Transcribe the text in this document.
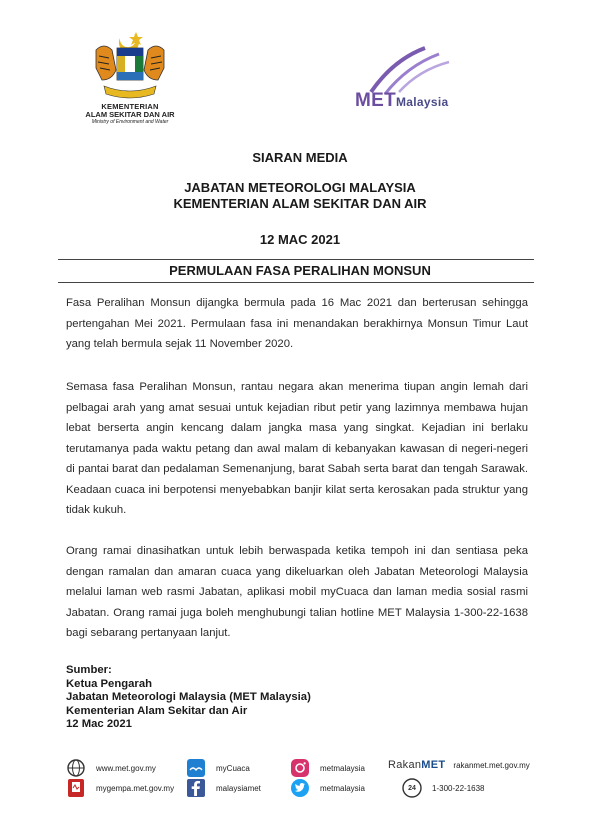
KEMENTERIAN
ALAM SEKITAR DAN AIR
Ministry of Environment and Water
METMalaysia
SIARAN MEDIA
JABATAN METEOROLOGI MALAYSIA
KEMENTERIAN ALAM SEKITAR DAN AIR
12 MAC 2021
PERMULAAN FASA PERALIHAN MONSUN
Fasa Peralihan Monsun dijangka bermula pada 16 Mac 2021 dan berterusan sehingga pertengahan Mei 2021. Permulaan fasa ini menandakan berakhirnya Monsun Timur Laut yang telah bermula sejak 11 November 2020.
Semasa fasa Peralihan Monsun, rantau negara akan menerima tiupan angin lemah dari pelbagai arah yang amat sesuai untuk kejadian ribut petir yang lazimnya membawa hujan lebat berserta angin kencang dalam jangka masa yang singkat. Kejadian ini berlaku terutamanya pada waktu petang dan awal malam di kebanyakan kawasan di negeri-negeri di pantai barat dan pedalaman Semenanjung, barat Sabah serta barat dan tengah Sarawak. Keadaan cuaca ini berpotensi menyebabkan banjir kilat serta kerosakan pada struktur yang tidak kukuh.
Orang ramai dinasihatkan untuk lebih berwaspada ketika tempoh ini dan sentiasa peka dengan ramalan dan amaran cuaca yang dikeluarkan oleh Jabatan Meteorologi Malaysia melalui laman web rasmi Jabatan, aplikasi mobil myCuaca dan laman media sosial rasmi Jabatan. Orang ramai juga boleh menghubungi talian hotline MET Malaysia 1-300-22-1638 bagi sebarang pertanyaan lanjut.
Sumber:
Ketua Pengarah
Jabatan Meteorologi Malaysia (MET Malaysia)
Kementerian Alam Sekitar dan Air
12 Mac 2021
www.met.gov.my	myCuaca	metmalaysia RakanMET rakanmet.met.gov.my
mygempa.met.gov.my	malaysiamet	metmalaysia	24 1-300-22-1638
